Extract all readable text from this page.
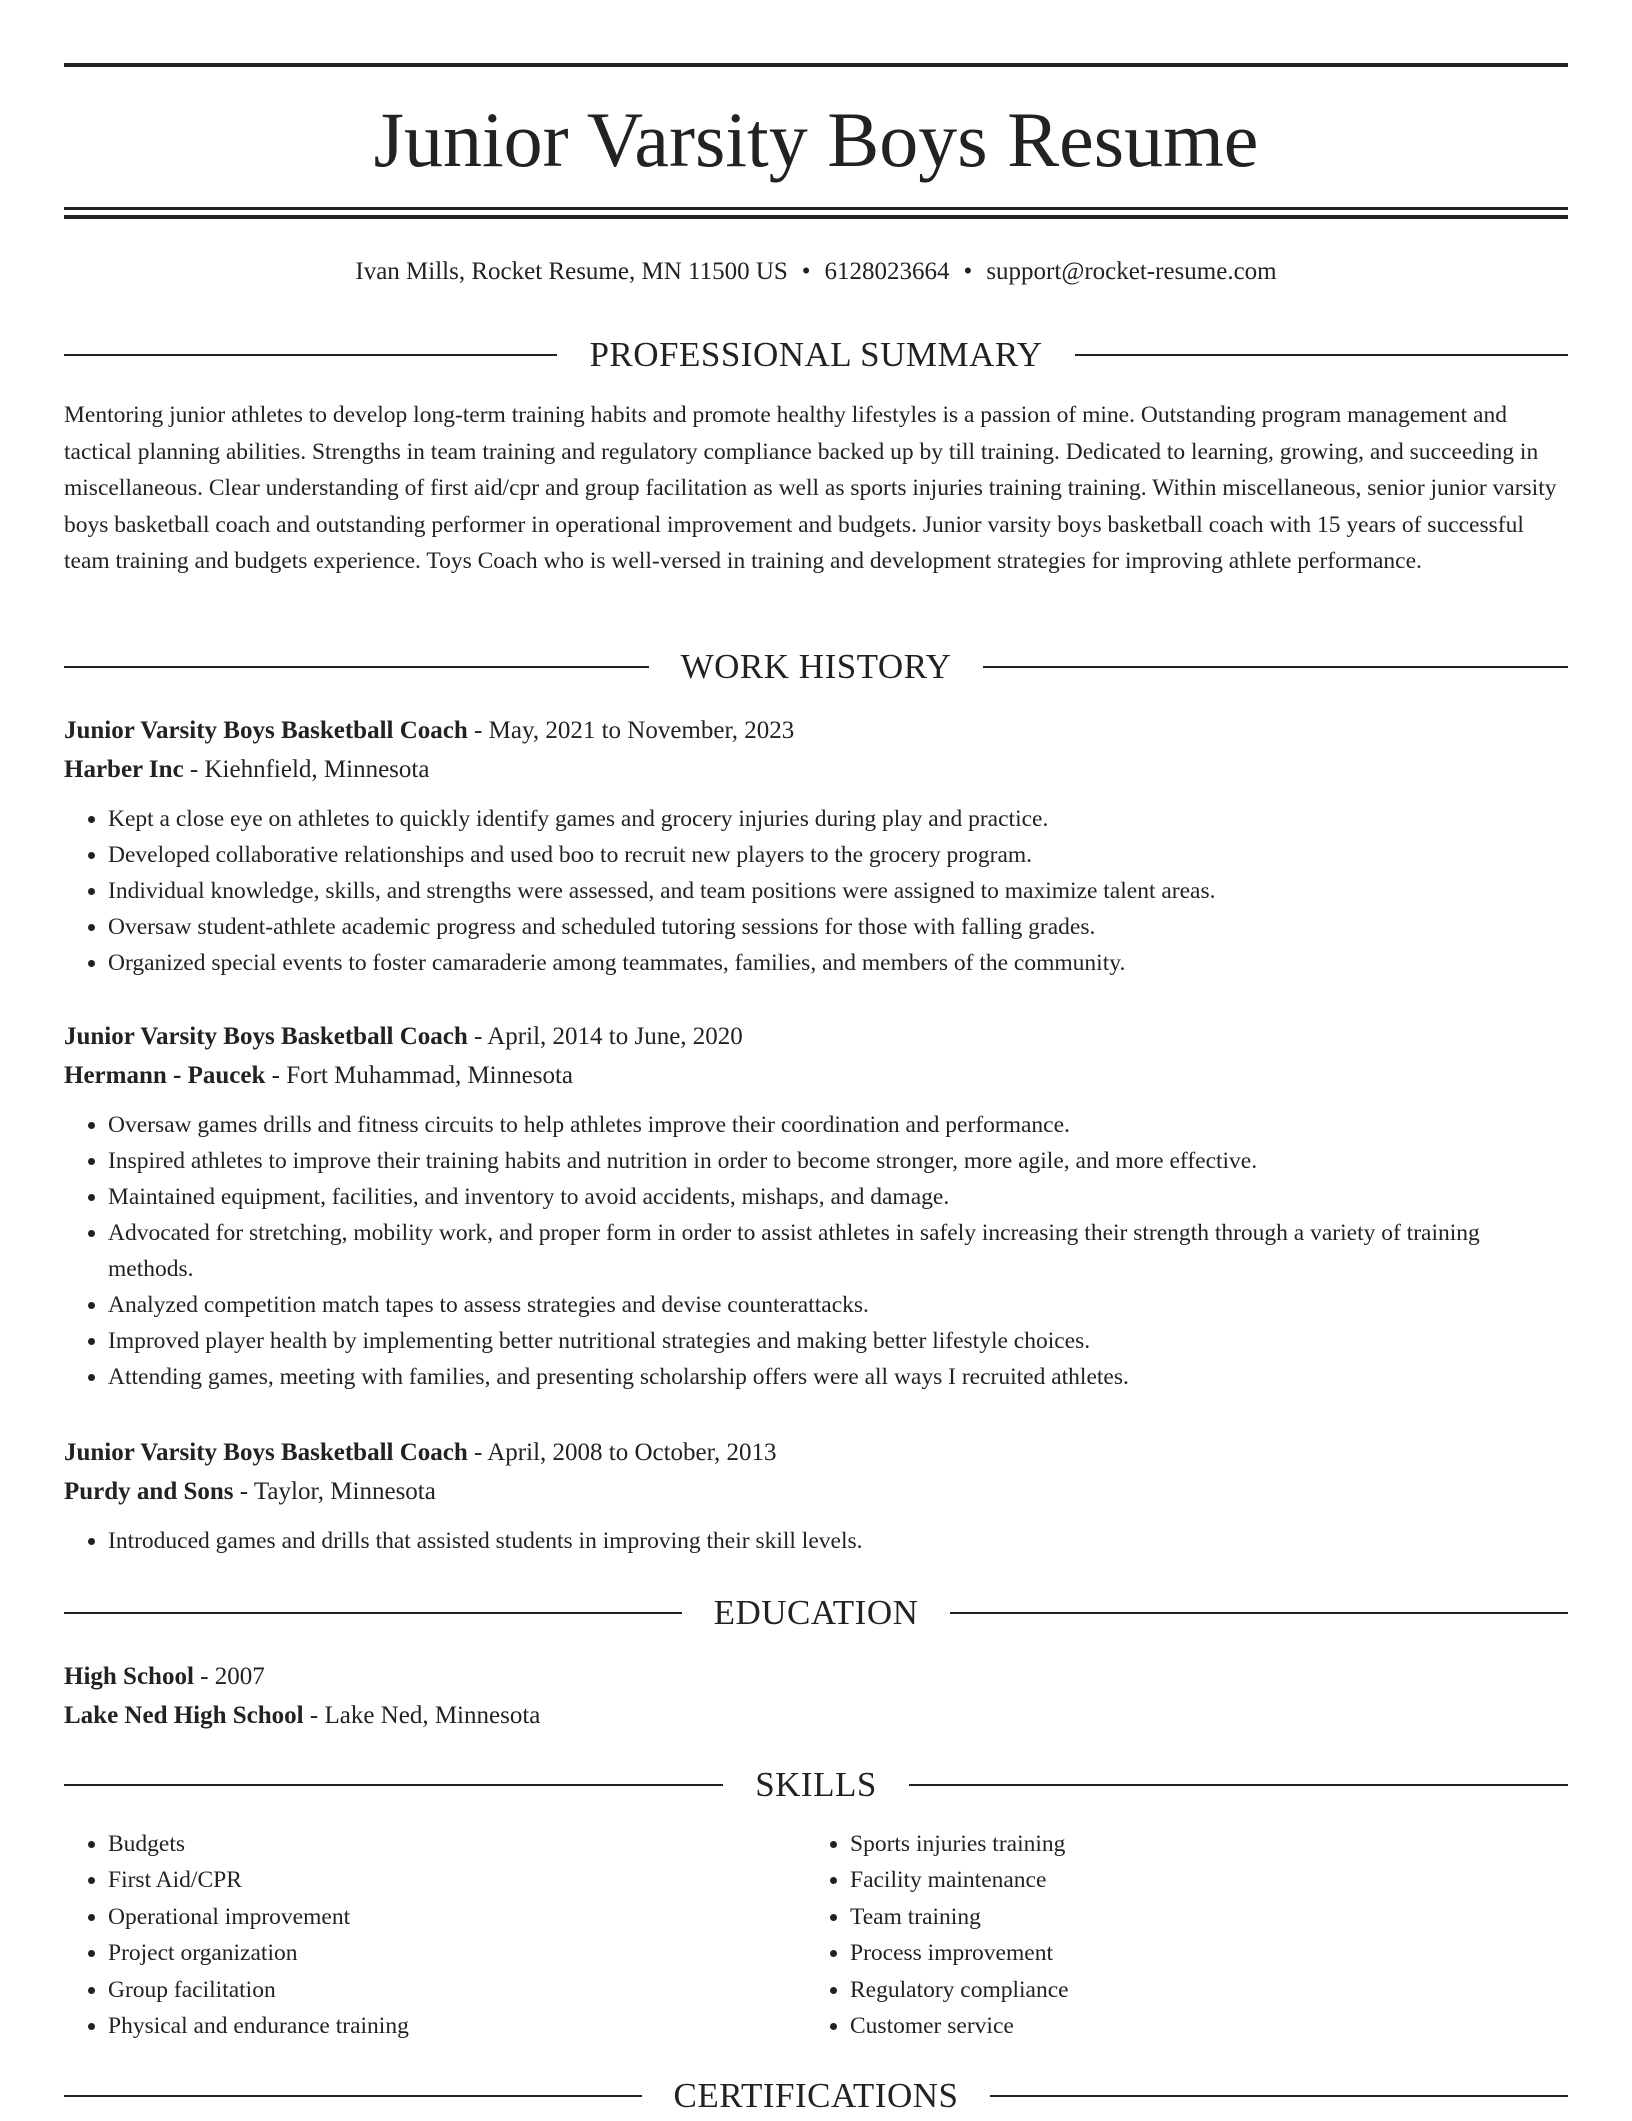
Junior Varsity Boys Resume
Ivan Mills, Rocket Resume, MN 11500 US • 6128023664 • support@rocket-resume.com
PROFESSIONAL SUMMARY

Mentoring junior athletes to develop long-term training habits and promote healthy lifestyles is a passion of mine. Outstanding program management and tactical planning abilities. Strengths in team training and regulatory compliance backed up by till training. Dedicated to learning, growing, and succeeding in miscellaneous. Clear understanding of first aid/cpr and group facilitation as well as sports injuries training training. Within miscellaneous, senior junior varsity boys basketball coach and outstanding performer in operational improvement and budgets. Junior varsity boys basketball coach with 15 years of successful team training and budgets experience. Toys Coach who is well-versed in training and development strategies for improving athlete performance.

WORK HISTORY
Junior Varsity Boys Basketball Coach - May, 2021 to November, 2023
Harber Inc - Kiehnfield, Minnesota
• Kept a close eye on athletes to quickly identify games and grocery injuries during play and practice.
• Developed collaborative relationships and used boo to recruit new players to the grocery program.
• Individual knowledge, skills, and strengths were assessed, and team positions were assigned to maximize talent areas.
• Oversaw student-athlete academic progress and scheduled tutoring sessions for those with falling grades.
• Organized special events to foster camaraderie among teammates, families, and members of the community.
Junior Varsity Boys Basketball Coach - April, 2014 to June, 2020
Hermann - Paucek - Fort Muhammad, Minnesota
• Oversaw games drills and fitness circuits to help athletes improve their coordination and performance.
• Inspired athletes to improve their training habits and nutrition in order to become stronger, more agile, and more effective.
• Maintained equipment, facilities, and inventory to avoid accidents, mishaps, and damage.
• Advocated for stretching, mobility work, and proper form in order to assist athletes in safely increasing their strength through a variety of training methods.
• Analyzed competition match tapes to assess strategies and devise counterattacks.
• Improved player health by implementing better nutritional strategies and making better lifestyle choices.
• Attending games, meeting with families, and presenting scholarship offers were all ways I recruited athletes.
Junior Varsity Boys Basketball Coach - April, 2008 to October, 2013
Purdy and Sons - Taylor, Minnesota
• Introduced games and drills that assisted students in improving their skill levels.
EDUCATION
High School - 2007
Lake Ned High School - Lake Ned, Minnesota
SKILLS
• Budgets
• First Aid/CPR
• Operational improvement
• Project organization
• Group facilitation
• Physical and endurance training
• Sports injuries training
• Facility maintenance
• Team training
• Process improvement
• Regulatory compliance
• Customer service
CERTIFICATIONS
